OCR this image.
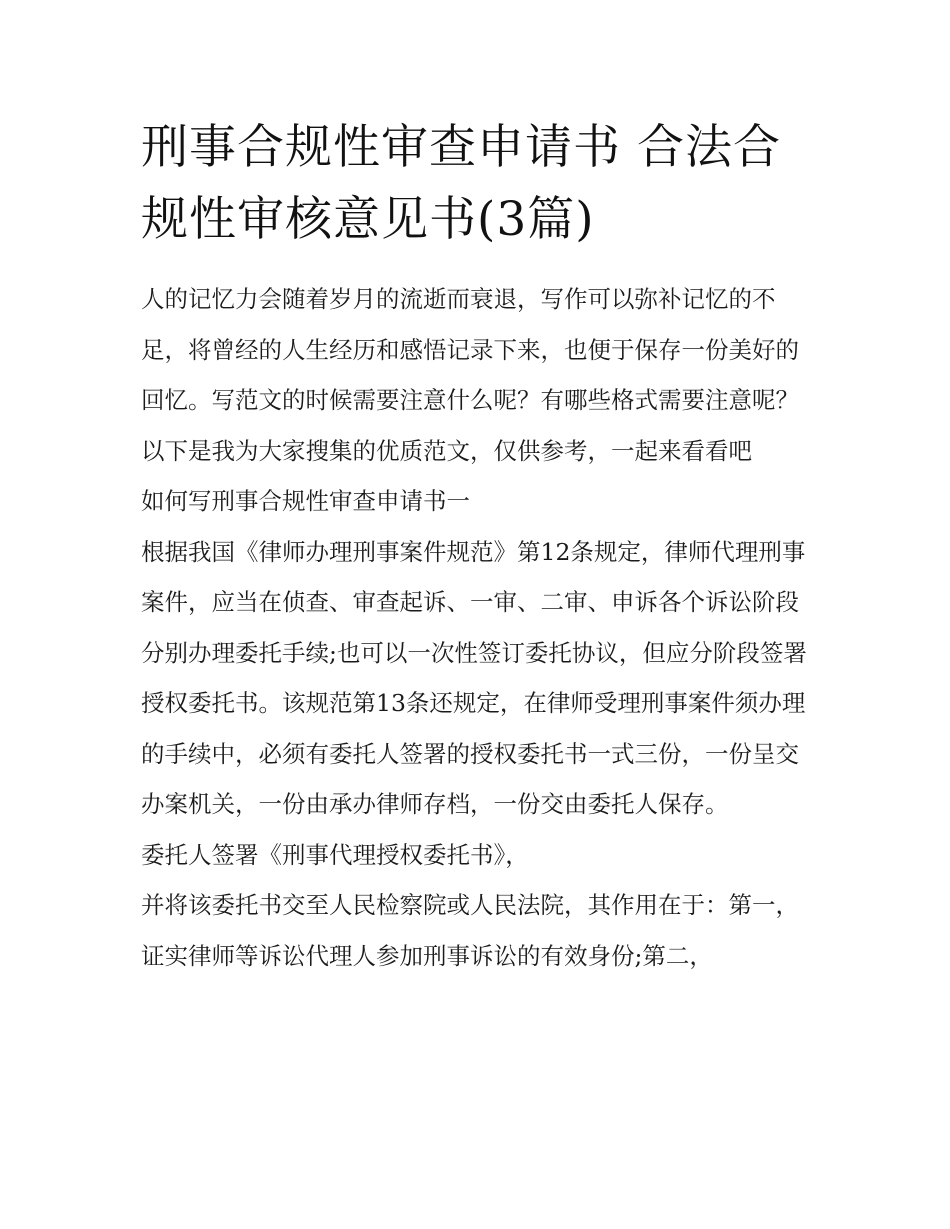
刑事合规性审查申请书 合法合规性审核意见书(3篇)

人的记忆力会随着岁月的流逝而衰退，写作可以弥补记忆的不足，将曾经的人生经历和感悟记录下来，也便于保存一份美好的回忆。写范文的时候需要注意什么呢？有哪些格式需要注意呢？以下是我为大家搜集的优质范文，仅供参考，一起来看看吧

如何写刑事合规性审查申请书一

根据我国《律师办理刑事案件规范》第12条规定，律师代理刑事案件，应当在侦查、审查起诉、一审、二审、申诉各个诉讼阶段分别办理委托手续;也可以一次性签订委托协议，但应分阶段签署授权委托书。该规范第13条还规定，在律师受理刑事案件须办理的手续中，必须有委托人签署的授权委托书一式三份，一份呈交办案机关，一份由承办律师存档，一份交由委托人保存。

委托人签署《刑事代理授权委托书》，

并将该委托书交至人民检察院或人民法院，其作用在于：第一，证实律师等诉讼代理人参加刑事诉讼的有效身份;第二，
